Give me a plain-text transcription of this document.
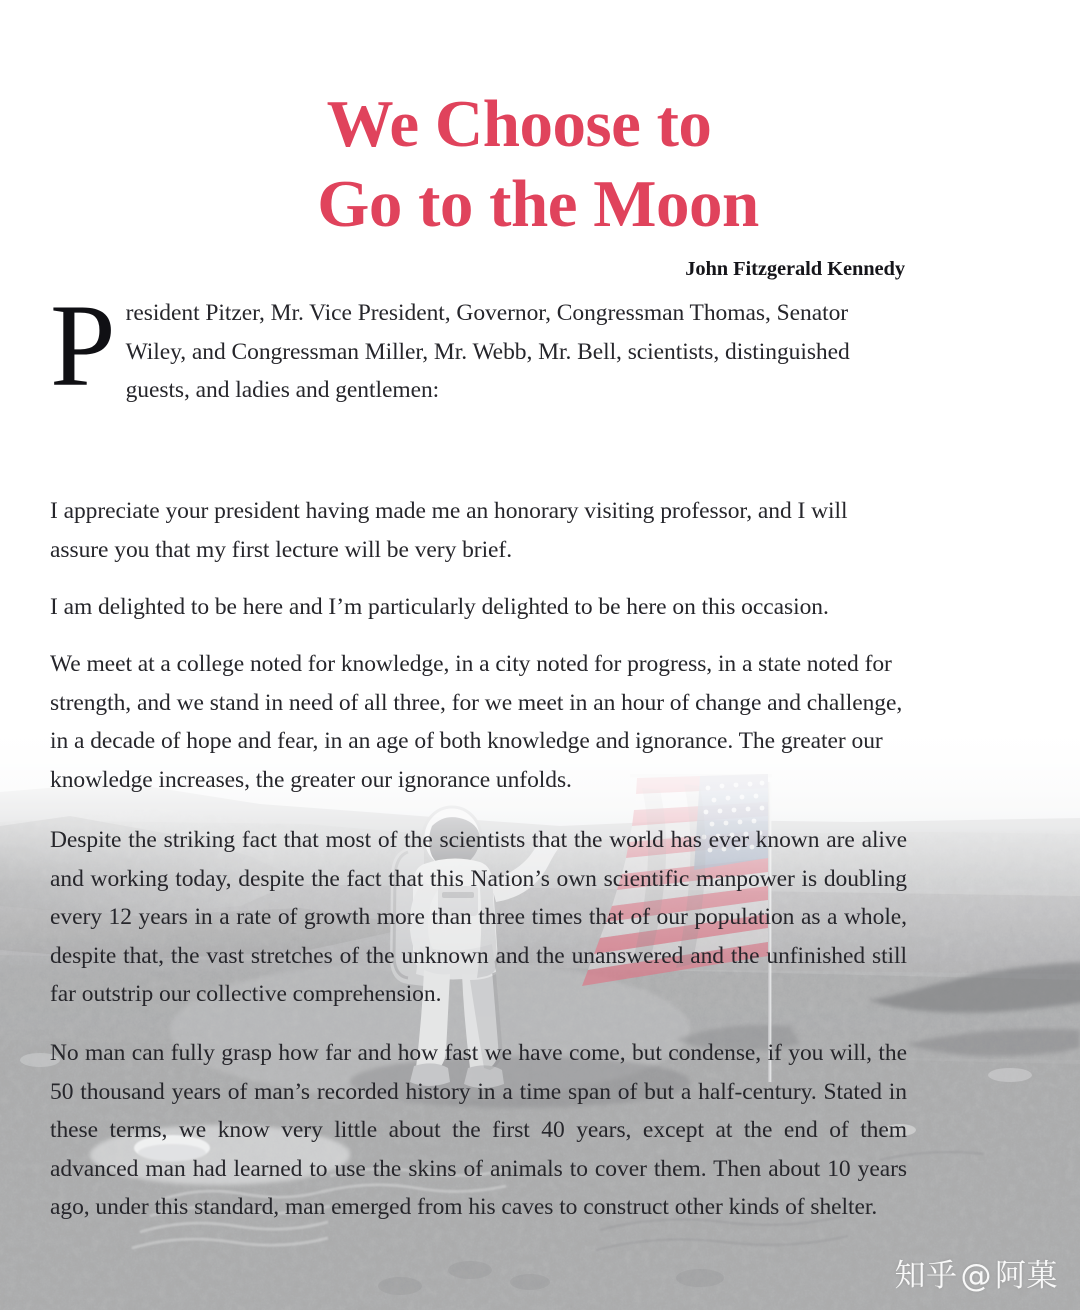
We Choose to
Go to the Moon
John Fitzgerald Kennedy

President Pitzer, Mr. Vice President, Governor, Congressman Thomas, Senator Wiley, and Congressman Miller, Mr. Webb, Mr. Bell, scientists, distinguished guests, and ladies and gentlemen:

I appreciate your president having made me an honorary visiting professor, and I will assure you that my first lecture will be very brief.

I am delighted to be here and I’m particularly delighted to be here on this occasion.

We meet at a college noted for knowledge, in a city noted for progress, in a state noted for strength, and we stand in need of all three, for we meet in an hour of change and challenge, in a decade of hope and fear, in an age of both knowledge and ignorance. The greater our knowledge increases, the greater our ignorance unfolds.

Despite the striking fact that most of the scientists that the world has ever known are alive and working today, despite the fact that this Nation’s own scientific manpower is doubling every 12 years in a rate of growth more than three times that of our population as a whole, despite that, the vast stretches of the unknown and the unanswered and the unfinished still far outstrip our collective comprehension.

No man can fully grasp how far and how fast we have come, but condense, if you will, the 50 thousand years of man’s recorded history in a time span of but a half-century. Stated in these terms, we know very little about the first 40 years, except at the end of them advanced man had learned to use the skins of animals to cover them. Then about 10 years ago, under this standard, man emerged from his caves to construct other kinds of shelter.

知乎 @ 阿菓
